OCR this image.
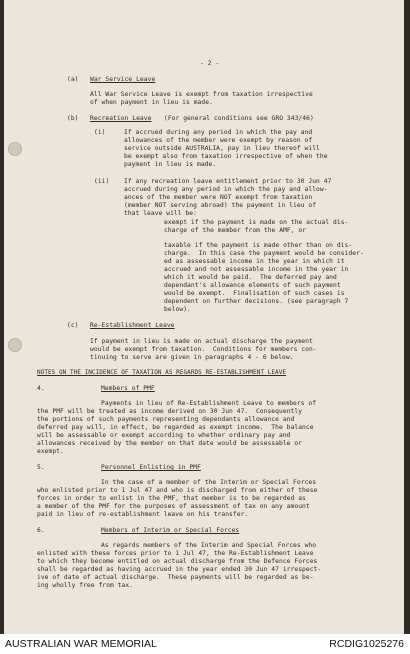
- 2 -
(a) War Service Leave
All War Service Leave is exempt from taxation irrespective
of when payment in lieu is made.
(b) Recreation Leave (For general conditions see GRO 343/46)
(i)	If accrued during any period in which the pay and
allowances of the member were exempt by reason of
service outside AUSTRALIA, pay in lieu thereof will
be exempt also from taxation irrespective of when the
payment in lieu is made.
(ii) If any recreation leave entitlement prior to 30 Jun 47
accrued during any period in which the pay and allow-
ances of the member were NOT exempt from taxation
(member NOT serving abroad) the payment in lieu of
that leave will be:
exempt if the payment is made on the actual dis-
charge of the member from the AMF, or
taxable if the payment is made other than on dis-
charge.  In this case the payment would be consider-
ed as assessable income in the year in which it
accrued and not assessable income in the year in
which it would be paid.  The deferred pay and
dependant's allowance elements of such payment
would be exempt.  Finalisation of such cases is
dependent on further decisions. (see paragraph 7
below).
(c) Re-Establishment Leave
If payment in lieu is made on actual discharge the payment
would be exempt from taxation.  Conditions for members con-
tinuing to serve are given in paragraphs 4 - 6 below.
NOTES ON THE INCIDENCE OF TAXATION AS REGARDS RE-ESTABLISHMENT LEAVE
4.	Members of PMF
Payments in lieu of Re-Establishment Leave to members of
the PMF will be treated as income derived on 30 Jun 47.  Consequently
the portions of such payments representing dependants allowance and
deferred pay will, in effect, be regarded as exempt income.  The balance
will be assessable or exempt according to whether ordinary pay and
allowances received by the member on that date would be assessable or
exempt.
5.	Personnel Enlisting in PMF
In the case of a member of the Interim or Special Forces
who enlisted prior to 1 Jul 47 and who is discharged from either of these
forces in order to enlist in the PMF, that member is to be regarded as
a member of the PMF for the purposes of assessment of tax on any amount
paid in lieu of re-establishment leave on his transfer.
6.	Members of Interim or Special Forces
As regards members of the Interim and Special Forces who
enlisted with these forces prior to 1 Jul 47, the Re-Establishment Leave
to which they become entitled on actual discharge from the Defence Forces
shall be regarded as having accrued in the year ended 30 Jun 47 irrespect-
ive of date of actual discharge.  These payments will be regarded as be-
ing wholly free from tax.
AUSTRALIAN WAR MEMORIAL	RCDIG1025276
